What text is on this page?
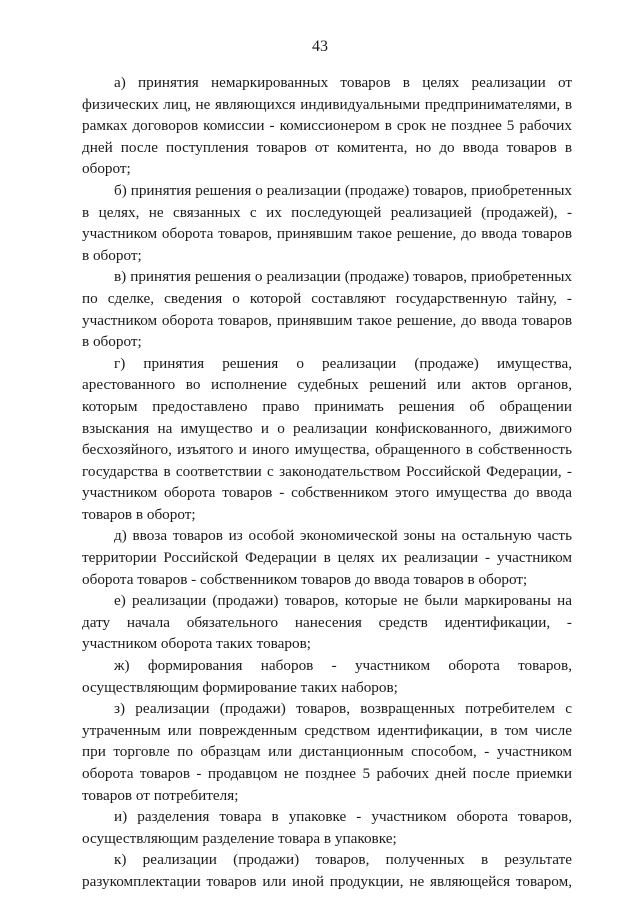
43

а) принятия немаркированных товаров в целях реализации от физических лиц, не являющихся индивидуальными предпринимателями, в рамках договоров комиссии - комиссионером в срок не позднее 5 рабочих дней после поступления товаров от комитента, но до ввода товаров в оборот;

б) принятия решения о реализации (продаже) товаров, приобретенных в целях, не связанных с их последующей реализацией (продажей), - участником оборота товаров, принявшим такое решение, до ввода товаров в оборот;

в) принятия решения о реализации (продаже) товаров, приобретенных по сделке, сведения о которой составляют государственную тайну, - участником оборота товаров, принявшим такое решение, до ввода товаров в оборот;

г) принятия решения о реализации (продаже) имущества, арестованного во исполнение судебных решений или актов органов, которым предоставлено право принимать решения об обращении взыскания на имущество и о реализации конфискованного, движимого бесхозяйного, изъятого и иного имущества, обращенного в собственность государства в соответствии с законодательством Российской Федерации, - участником оборота товаров - собственником этого имущества до ввода товаров в оборот;

д) ввоза товаров из особой экономической зоны на остальную часть территории Российской Федерации в целях их реализации - участником оборота товаров - собственником товаров до ввода товаров в оборот;

е) реализации (продажи) товаров, которые не были маркированы на дату начала обязательного нанесения средств идентификации, - участником оборота таких товаров;

ж) формирования наборов - участником оборота товаров, осуществляющим формирование таких наборов;

з) реализации (продажи) товаров, возвращенных потребителем с утраченным или поврежденным средством идентификации, в том числе при торговле по образцам или дистанционным способом, - участником оборота товаров - продавцом не позднее 5 рабочих дней после приемки товаров от потребителя;

и) разделения товара в упаковке - участником оборота товаров, осуществляющим разделение товара в упаковке;

к) реализации (продажи) товаров, полученных в результате разукомплектации товаров или иной продукции, не являющейся товаром,
